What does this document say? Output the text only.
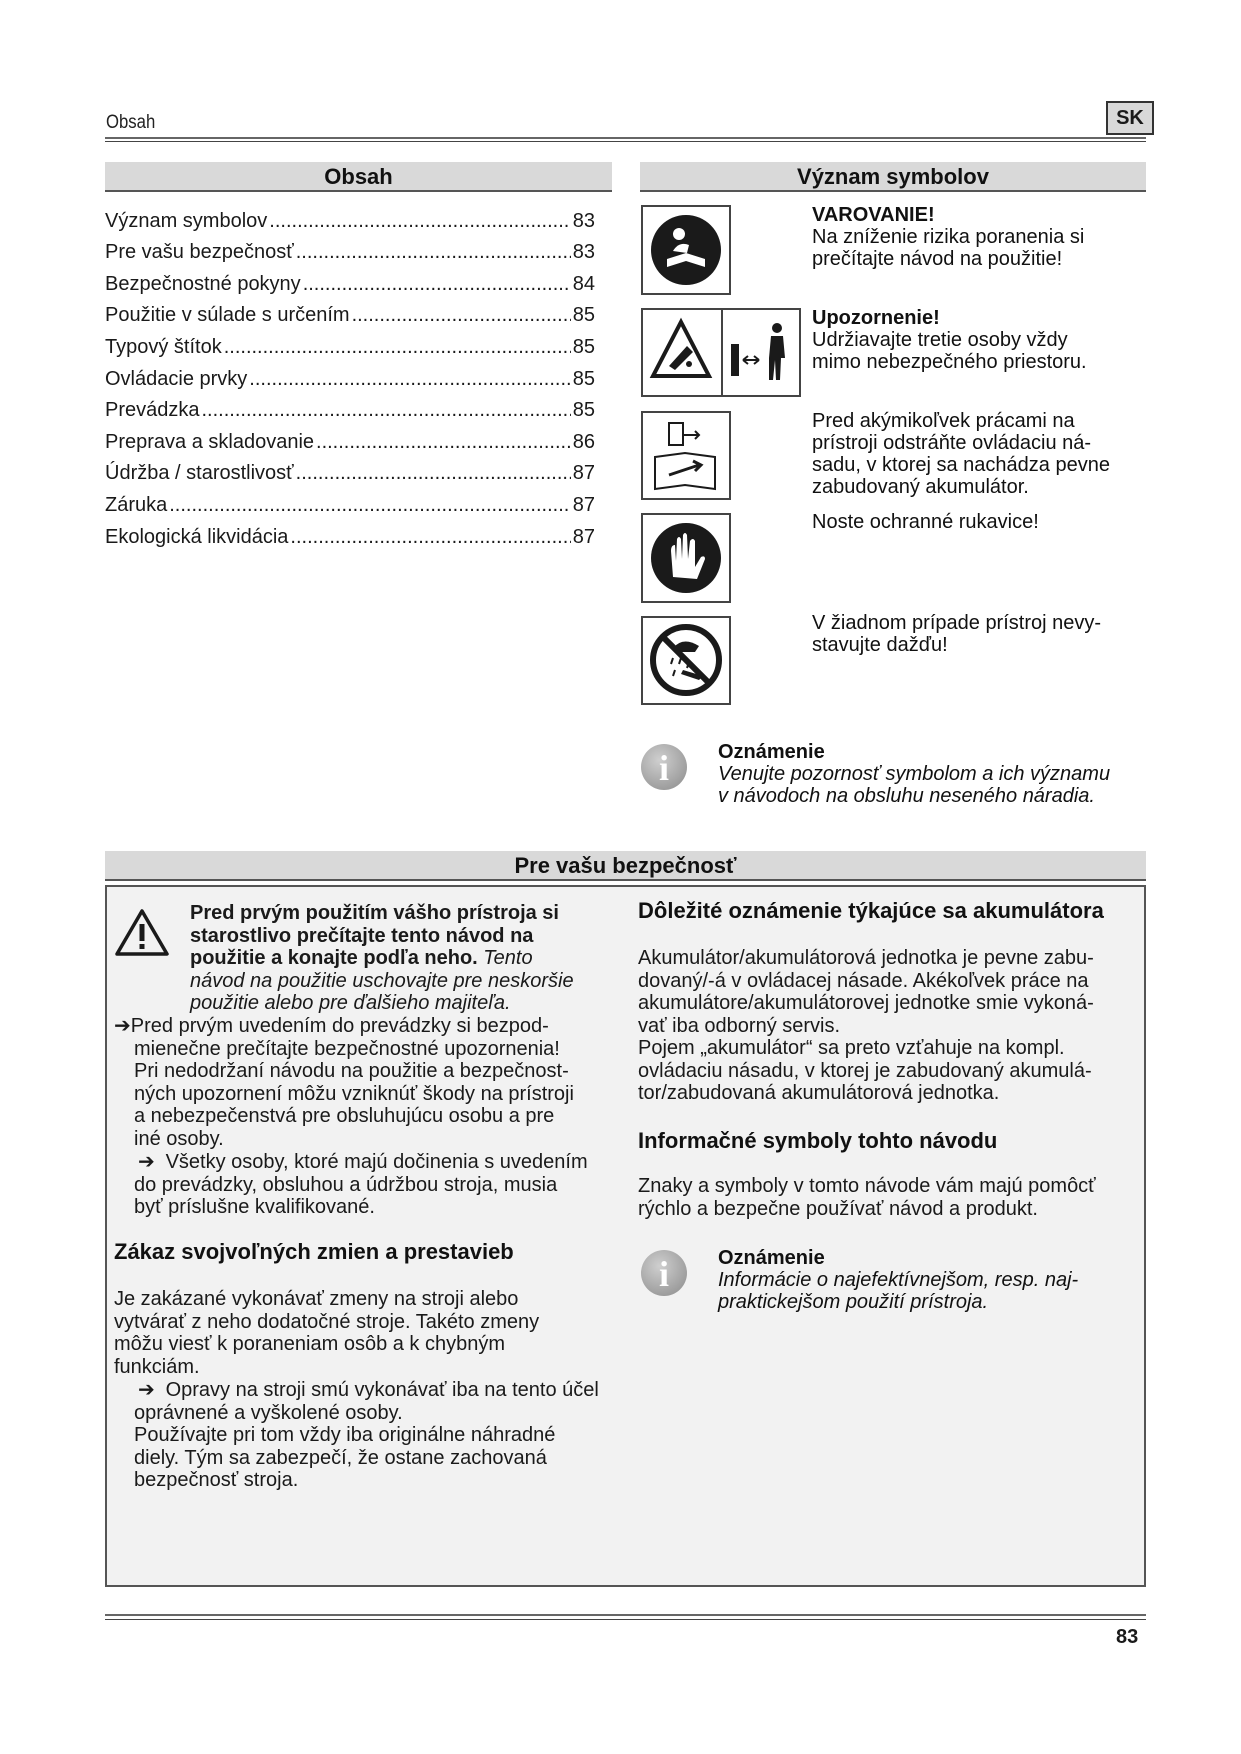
Obsah	SK
Obsah
Význam symbolov .....	83
Pre vašu bezpečnosť .....	83
Bezpečnostné pokyny .....	84
Použitie v súlade s určením .....	85
Typový štítok .....	85
Ovládacie prvky .....	85
Prevádzka .....	85
Preprava a skladovanie .....	86
Údržba / starostlivosť .....	87
Záruka .....	87
Ekologická likvidácia .....	87
Význam symbolov
VAROVANIE!
Na zníženie rizika poranenia si
prečítajte návod na použitie!
Upozornenie!
Udržiavajte tretie osoby vždy
mimo nebezpečného priestoru.
Pred akýmikoľvek prácami na
prístroji odstráňte ovládaciu ná-
sadu, v ktorej sa nachádza pevne
zabudovaný akumulátor.
Noste ochranné rukavice!
V žiadnom prípade prístroj nevy-
stavujte dažďu!
i	Oznámenie
Venujte pozornosť symbolom a ich významu
v návodoch na obsluhu neseného náradia.
Pre vašu bezpečnosť
Pred prvým použitím vášho prístroja si
starostlivo prečítajte tento návod na
použitie a konajte podľa neho. Tento
návod na použitie uschovajte pre neskoršie
použitie alebo pre ďalšieho majiteľa.
➔Pred prvým uvedením do prevádzky si bezpod-
mienečne prečítajte bezpečnostné upozornenia!
Pri nedodržaní návodu na použitie a bezpečnost-
ných upozornení môžu vzniknúť škody na prístroji
a nebezpečenstvá pre obsluhujúcu osobu a pre
iné osoby.
➔ Všetky osoby, ktoré majú dočinenia s uvedením
do prevádzky, obsluhou a údržbou stroja, musia
byť príslušne kvalifikované.
Zákaz svojvoľných zmien a prestavieb
Je zakázané vykonávať zmeny na stroji alebo
vytvárať z neho dodatočné stroje. Takéto zmeny
môžu viesť k poraneniam osôb a k chybným
funkciám.
➔ Opravy na stroji smú vykonávať iba na tento účel
oprávnené a vyškolené osoby.
Používajte pri tom vždy iba originálne náhradné
diely. Tým sa zabezpečí, že ostane zachovaná
bezpečnosť stroja.
Dôležité oznámenie týkajúce sa akumulátora
Akumulátor/akumulátorová jednotka je pevne zabu-
dovaný/-á v ovládacej násade. Akékoľvek práce na
akumulátore/akumulátorovej jednotke smie vykoná-
vať iba odborný servis.
Pojem „akumulátor“ sa preto vzťahuje na kompl.
ovládaciu násadu, v ktorej je zabudovaný akumulá-
tor/zabudovaná akumulátorová jednotka.
Informačné symboly tohto návodu
Znaky a symboly v tomto návode vám majú pomôcť
rýchlo a bezpečne používať návod a produkt.
i	Oznámenie
Informácie o najefektívnejšom, resp. naj-
praktickejšom použití prístroja.
83
